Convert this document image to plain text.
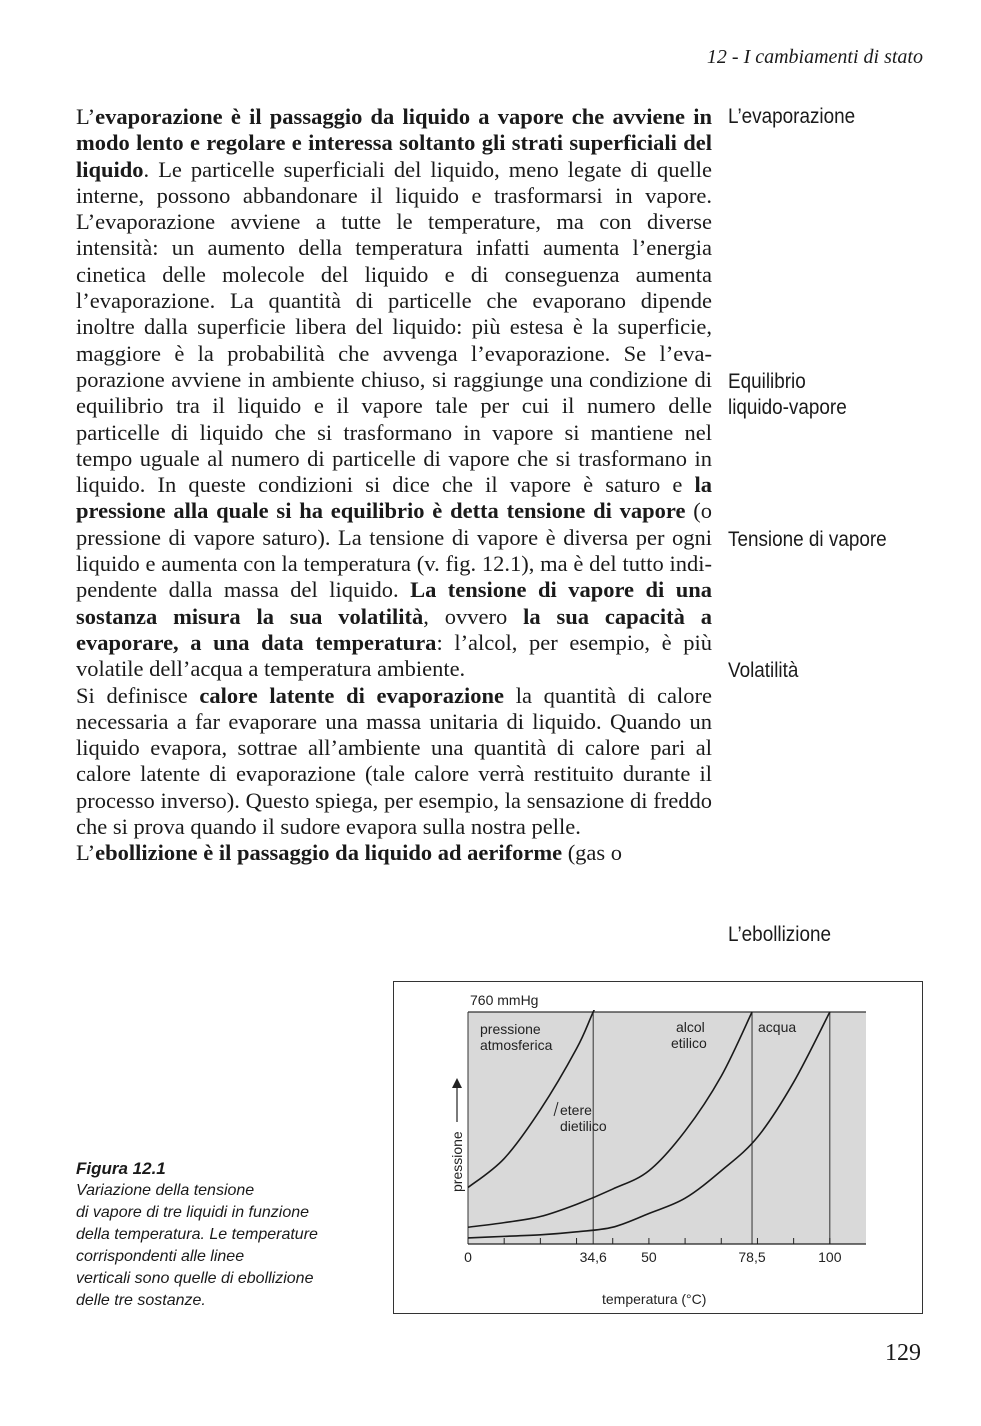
12 - I cambiamenti di stato

L’evaporazione è il passaggio da liquido a vapore che avviene in modo lento e regolare e interessa soltanto gli strati superficiali del liquido. Le particelle superficiali del liquido, meno legate di quelle interne, possono abbandonare il liquido e trasformarsi in vapore. L’evaporazione avviene a tutte le temperature, ma con diverse intensità: un aumento della temperatura infatti aumenta l’energia cinetica delle molecole del liquido e di conseguenza aumenta l’evaporazione. La quantità di particelle che evaporano dipende inoltre dalla superficie libera del liquido: più estesa è la superficie, maggiore è la probabilità che avvenga l’evaporazione. Se l’evaporazione avviene in ambiente chiuso, si raggiunge una condizione di equilibrio tra il liquido e il vapore tale per cui il numero delle particelle di liquido che si trasformano in vapore si mantiene nel tempo uguale al numero di particelle di vapore che si trasformano in liquido. In queste condizioni si dice che il vapore è saturo e la pressione alla quale si ha equilibrio è detta tensione di vapore (o pressione di vapore saturo). La tensione di vapore è diversa per ogni liquido e aumenta con la temperatura (v. fig. 12.1), ma è del tutto indipendente dalla massa del liquido. La tensione di vapore di una sostanza misura la sua volatilità, ovvero la sua capacità a evaporare, a una data temperatura: l’alcol, per esempio, è più volatile dell’acqua a temperatura ambiente.

Si definisce calore latente di evaporazione la quantità di calore necessaria a far evaporare una massa unitaria di liquido. Quando un liquido evapora, sottrae all’ambiente una quantità di calore pari al calore latente di evaporazione (tale calore verrà restituito durante il processo inverso). Questo spiega, per esempio, la sensazione di freddo che si prova quando il sudore evapora sulla nostra pelle.

L’ebollizione è il passaggio da liquido ad aeriforme (gas o

L’evaporazione
Equilibrio
liquido-vapore
Tensione di vapore
Volatilità
L’ebollizione
Figura 12.1
Variazione della tensione
di vapore di tre liquidi in funzione
della temperatura. Le temperature
corrispondenti alle linee
verticali sono quelle di ebollizione
delle tre sostanze.
0	34,6 50	78,5	100
760 mmHg
pressione
atmosferica
alcol
etilico
acqua
etere
dietilico
pressione
temperatura (°C)
129
